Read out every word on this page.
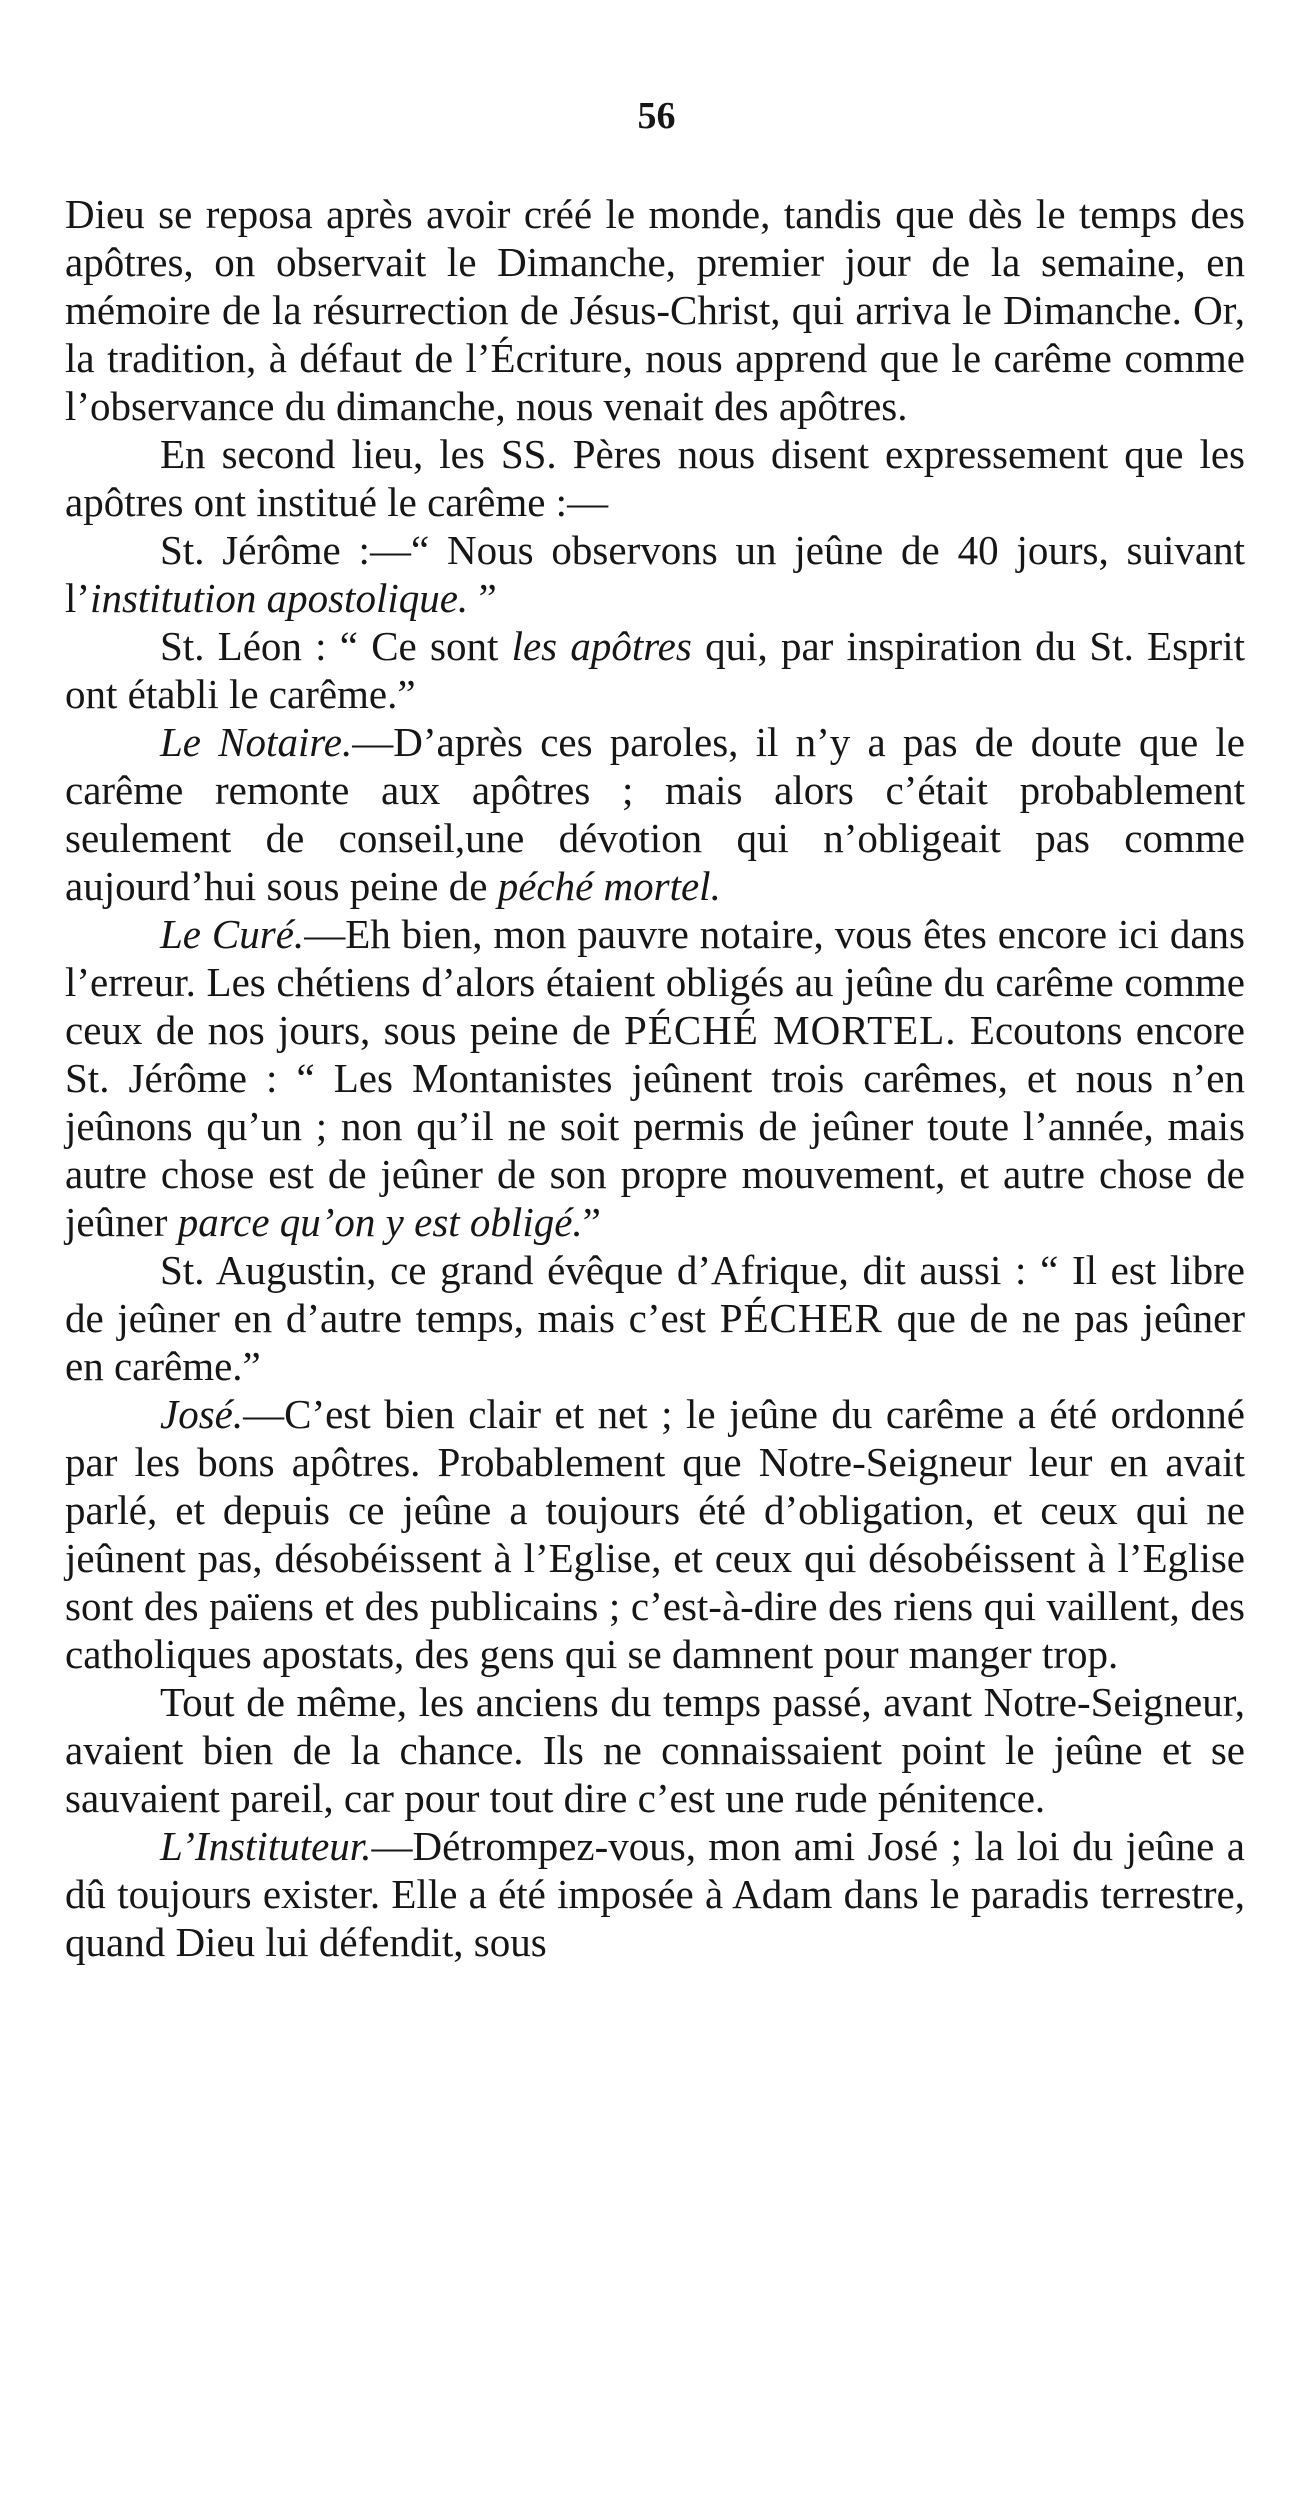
56

Dieu se reposa après avoir créé le monde, tandis que dès le temps des apôtres, on observait le Dimanche, premier jour de la semaine, en mémoire de la résurrection de Jésus-Christ, qui arriva le Dimanche. Or, la tradition, à défaut de l’Écriture, nous apprend que le carême comme l’observance du dimanche, nous venait des apôtres.

En second lieu, les SS. Pères nous disent expressement que les apôtres ont institué le carême :—

St. Jérôme :—“ Nous observons un jeûne de 40 jours, suivant l’institution apostolique. ”

St. Léon : “ Ce sont les apôtres qui, par inspiration du St. Esprit ont établi le carême.”

Le Notaire.—D’après ces paroles, il n’y a pas de doute que le carême remonte aux apôtres ; mais alors c’était probablement seulement de conseil,une dévotion qui n’obligeait pas comme aujourd’hui sous peine de péché mortel.

Le Curé.—Eh bien, mon pauvre notaire, vous êtes encore ici dans l’erreur. Les chétiens d’alors étaient obligés au jeûne du carême comme ceux de nos jours, sous peine de PÉCHÉ MORTEL. Ecoutons encore St. Jérôme : “ Les Montanistes jeûnent trois carêmes, et nous n’en jeûnons qu’un ; non qu’il ne soit permis de jeûner toute l’année, mais autre chose est de jeûner de son propre mouvement, et autre chose de jeûner parce qu’on y est obligé.”

St. Augustin, ce grand évêque d’Afrique, dit aussi : “ Il est libre de jeûner en d’autre temps, mais c’est PÉCHER que de ne pas jeûner en carême.”

José.—C’est bien clair et net ; le jeûne du carême a été ordonné par les bons apôtres. Probablement que Notre-Seigneur leur en avait parlé, et depuis ce jeûne a toujours été d’obligation, et ceux qui ne jeûnent pas, désobéissent à l’Eglise, et ceux qui désobéissent à l’Eglise sont des païens et des publicains ; c’est-à-dire des riens qui vaillent, des catholiques apostats, des gens qui se damnent pour manger trop.

Tout de même, les anciens du temps passé, avant Notre-Seigneur, avaient bien de la chance. Ils ne connaissaient point le jeûne et se sauvaient pareil, car pour tout dire c’est une rude pénitence.

L’Instituteur.—Détrompez-vous, mon ami José ; la loi du jeûne a dû toujours exister. Elle a été imposée à Adam dans le paradis terrestre, quand Dieu lui défendit, sous
